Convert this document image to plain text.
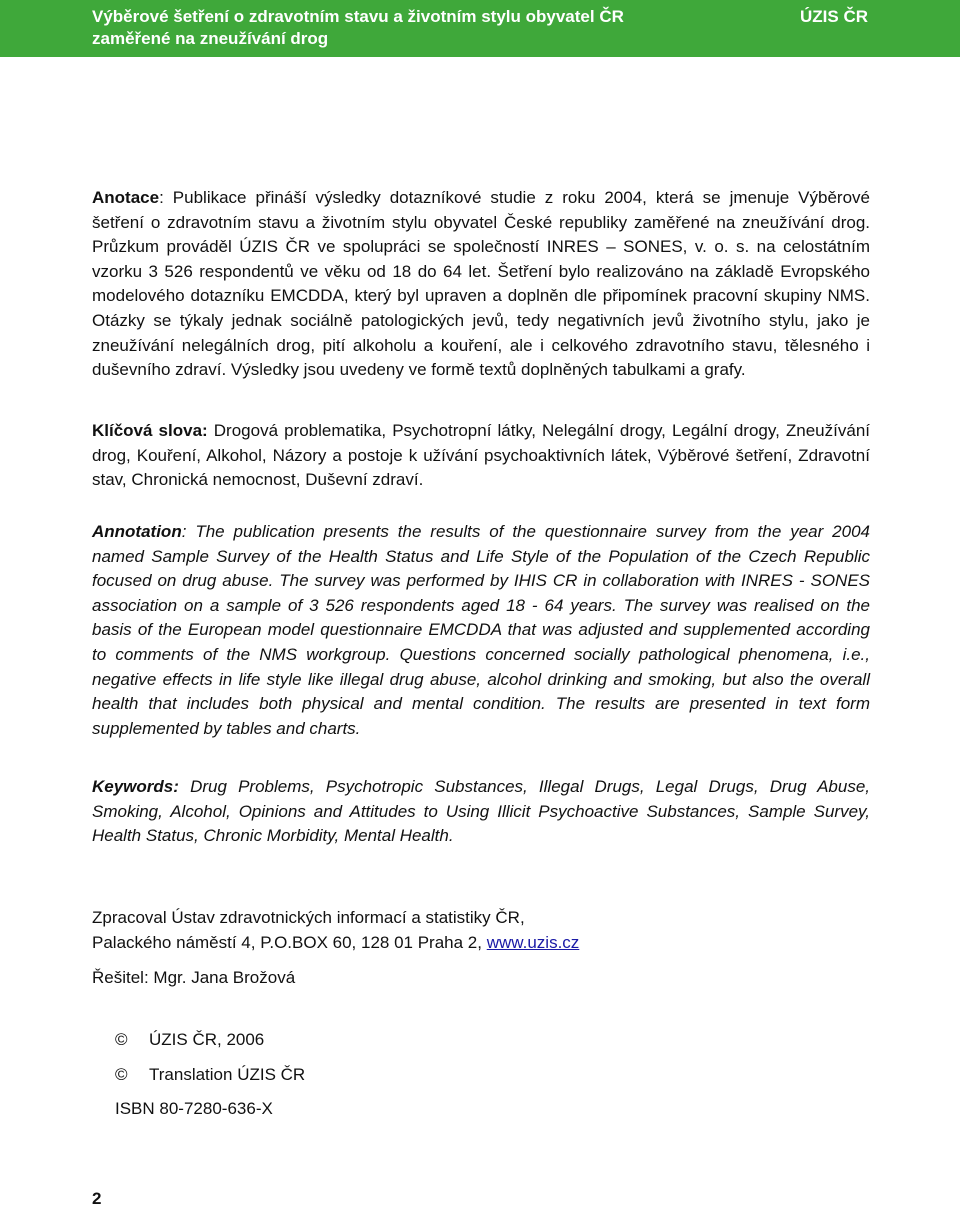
Výběrové šetření o zdravotním stavu a životním stylu obyvatel ČR
zaměřené na zneužívání drog
ÚZIS ČR
Anotace: Publikace přináší výsledky dotazníkové studie z roku 2004, která se jmenuje Výběrové šetření o zdravotním stavu a životním stylu obyvatel České republiky zaměřené na zneužívání drog. Průzkum prováděl ÚZIS ČR ve spolupráci se společností INRES – SONES, v. o. s. na celostátním vzorku 3 526 respondentů ve věku od 18 do 64 let. Šetření bylo realizováno na základě Evropského modelového dotazníku EMCDDA, který byl upraven a doplněn dle připomínek pracovní skupiny NMS. Otázky se týkaly jednak sociálně patologických jevů, tedy negativních jevů životního stylu, jako je zneužívání nelegálních drog, pití alkoholu a kouření, ale i celkového zdravotního stavu, tělesného i duševního zdraví. Výsledky jsou uvedeny ve formě textů doplněných tabulkami a grafy.
Klíčová slova: Drogová problematika, Psychotropní látky, Nelegální drogy, Legální drogy, Zneužívání drog, Kouření, Alkohol, Názory a postoje k užívání psychoaktivních látek, Výběrové šetření, Zdravotní stav, Chronická nemocnost, Duševní zdraví.
Annotation: The publication presents the results of the questionnaire survey from the year 2004 named Sample Survey of the Health Status and Life Style of the Population of the Czech Republic focused on drug abuse. The survey was performed by IHIS CR in collaboration with INRES - SONES association on a sample of 3 526 respondents aged 18 - 64 years. The survey was realised on the basis of the European model questionnaire EMCDDA that was adjusted and supplemented according to comments of the NMS workgroup. Questions concerned socially pathological phenomena, i.e., negative effects in life style like illegal drug abuse, alcohol drinking and smoking, but also the overall health that includes both physical and mental condition. The results are presented in text form supplemented by tables and charts.
Keywords: Drug Problems, Psychotropic Substances, Illegal Drugs, Legal Drugs, Drug Abuse, Smoking, Alcohol, Opinions and Attitudes to Using Illicit Psychoactive Substances, Sample Survey, Health Status, Chronic Morbidity, Mental Health.
Zpracoval Ústav zdravotnických informací a statistiky ČR,
Palackého náměstí 4, P.O.BOX 60, 128 01 Praha 2, www.uzis.cz
Řešitel: Mgr. Jana Brožová
© ÚZIS ČR, 2006
© Translation ÚZIS ČR
ISBN 80-7280-636-X
2
